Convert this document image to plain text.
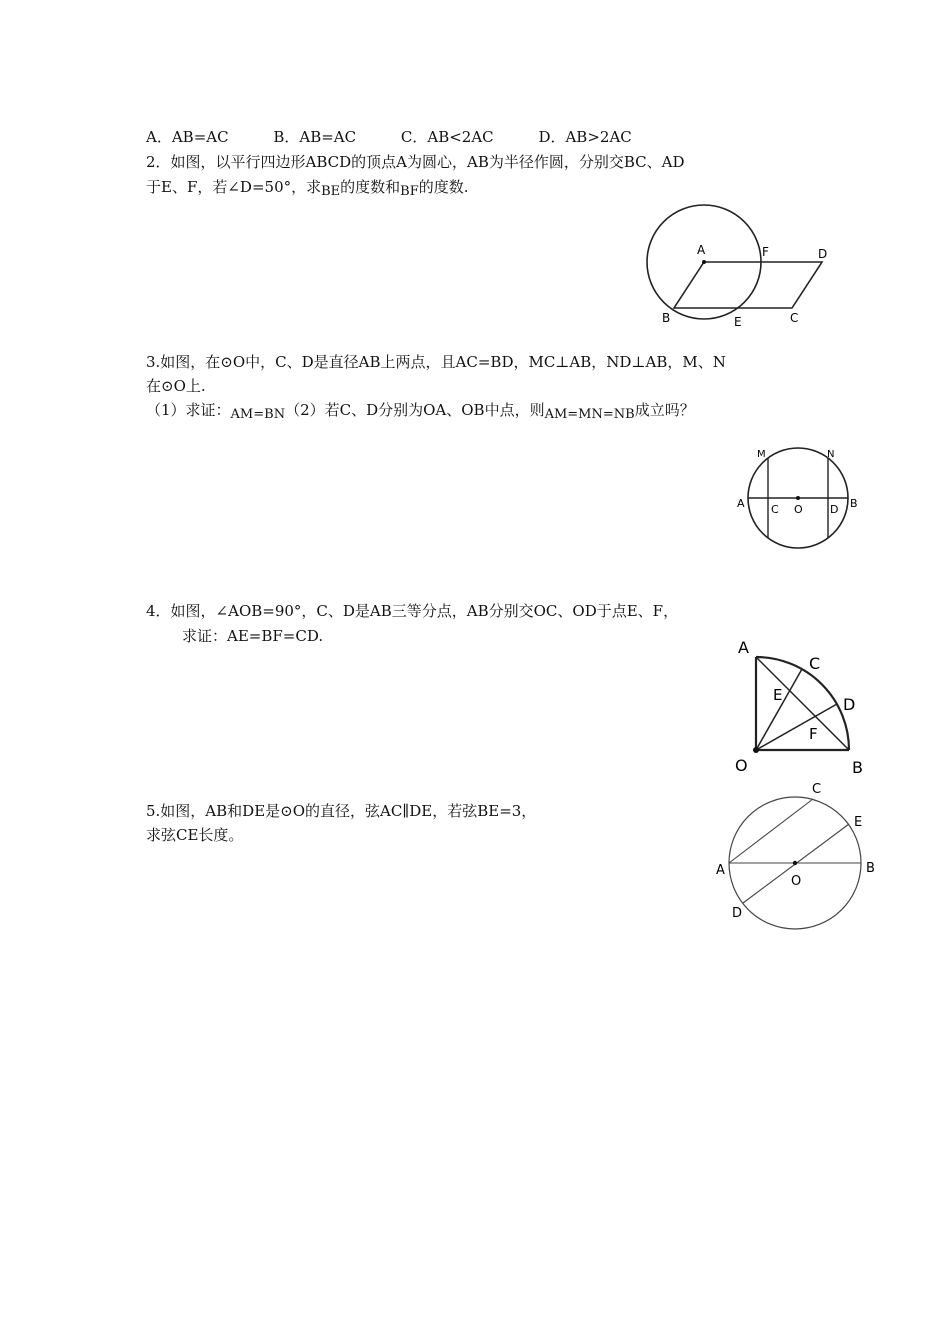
A．AB=AC	B．AB=AC	C．AB<2AC	D．AB>2AC
2．如图，以平行四边形ABCD的顶点A为圆心，AB为半径作圆，分别交BC、AD
于E、F，若∠D=50°，求BE的度数和BF的度数.
A	F	D
B	E	C
3.如图，在⊙O中，C、D是直径AB上两点，且AC=BD，MC⊥AB，ND⊥AB，M、N
在⊙O上.
（1）求证：AM=BN（2）若C、D分别为OA、OB中点，则AM=MN=NB成立吗？
M	N
A C O D B
4．如图，∠AOB=90°，C、D是AB三等分点，AB分别交OC、OD于点E、F，
求证：AE=BF=CD.
A
C
E	D
F
O	B
5.如图，AB和DE是⊙O的直径，弦AC∥DE，若弦BE=3，
求弦CE长度。
C
E
A
O
B
D
